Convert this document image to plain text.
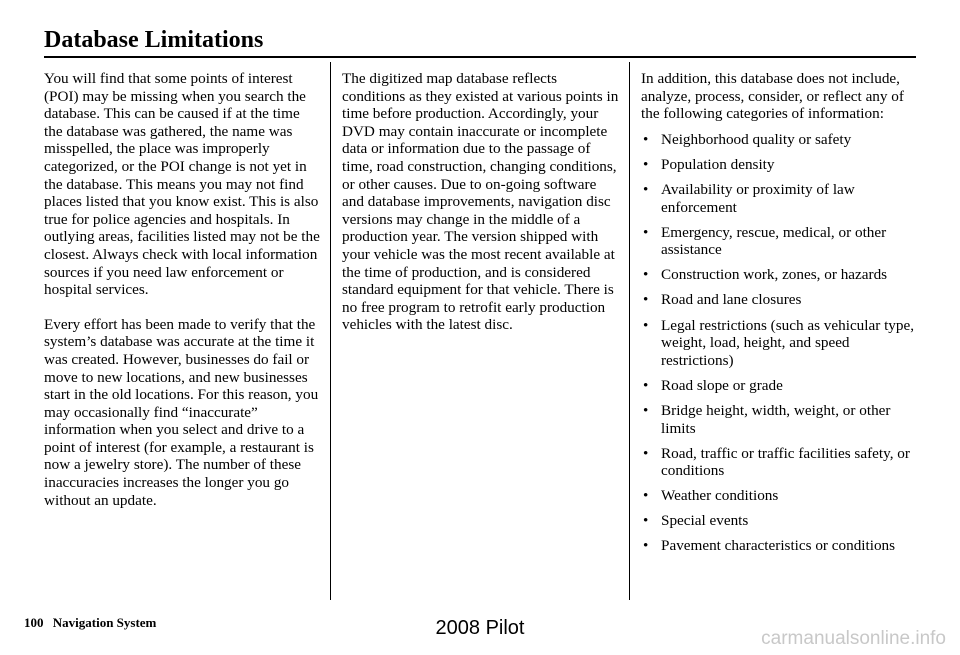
Database Limitations

You will find that some points of interest (POI) may be missing when you search the database. This can be caused if at the time the database was gathered, the name was misspelled, the place was improperly categorized, or the POI change is not yet in the database. This means you may not find places listed that you know exist. This is also true for police agencies and hospitals. In outlying areas, facilities listed may not be the closest. Always check with local information sources if you need law enforcement or hospital services.

Every effort has been made to verify that the system’s database was accurate at the time it was created. However, businesses do fail or move to new locations, and new businesses start in the old locations. For this reason, you may occasionally find “inaccurate” information when you select and drive to a point of interest (for example, a restaurant is now a jewelry store). The number of these inaccuracies increases the longer you go without an update.

The digitized map database reflects conditions as they existed at various points in time before production. Accordingly, your DVD may contain inaccurate or incomplete data or information due to the passage of time, road construction, changing conditions, or other causes. Due to on-going software and database improvements, navigation disc versions may change in the middle of a production year. The version shipped with your vehicle was the most recent available at the time of production, and is considered standard equipment for that vehicle. There is no free program to retrofit early production vehicles with the latest disc.

In addition, this database does not include, analyze, process, consider, or reflect any of the following categories of information:

• Neighborhood quality or safety
• Population density
• Availability or proximity of law enforcement
• Emergency, rescue, medical, or other assistance
• Construction work, zones, or hazards
• Road and lane closures
• Legal restrictions (such as vehicular type, weight, load, height, and speed restrictions)
• Road slope or grade
• Bridge height, width, weight, or other limits
• Road, traffic or traffic facilities safety, or conditions
• Weather conditions
• Special events
• Pavement characteristics or conditions
100 Navigation System	2008 Pilot	carmanualsonline.info
